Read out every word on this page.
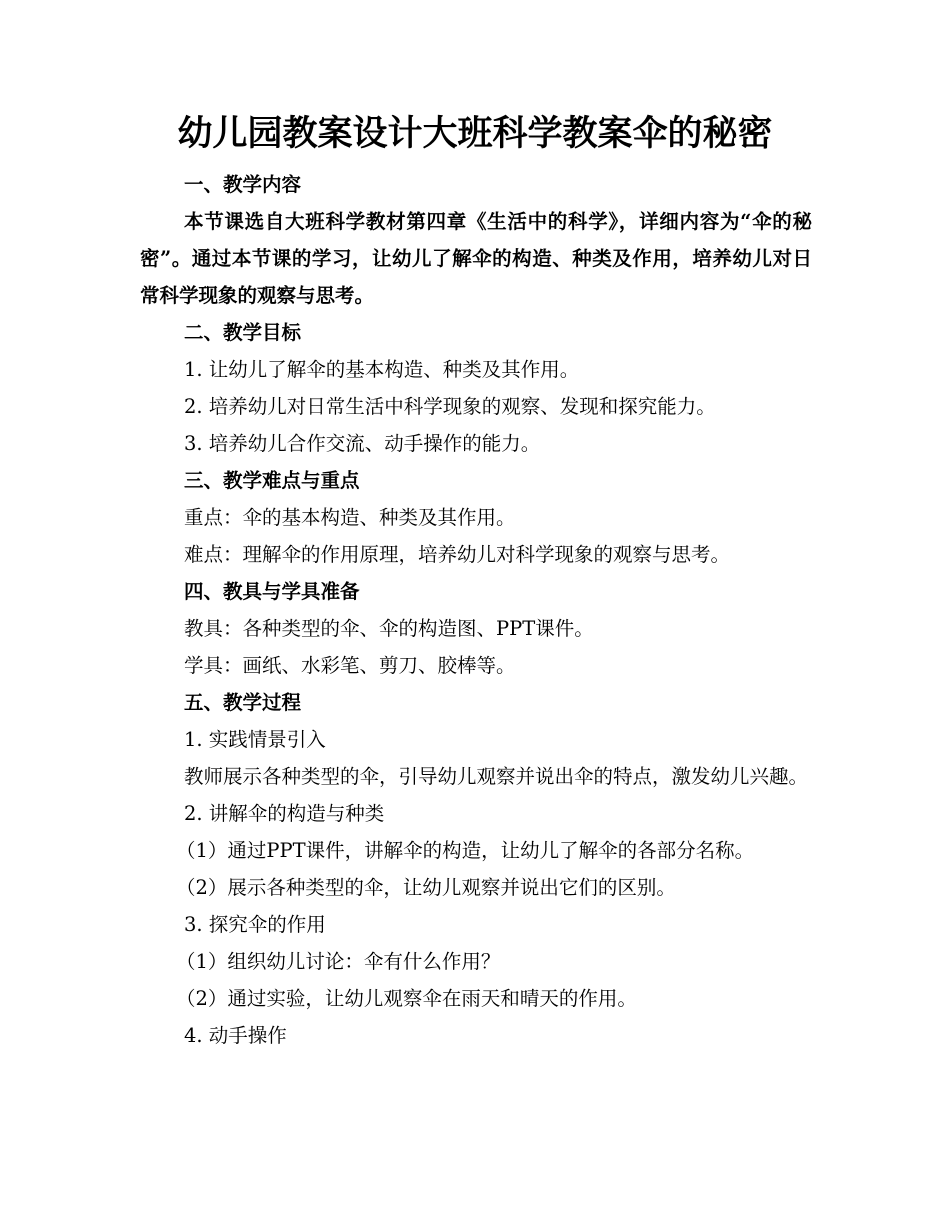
幼儿园教案设计大班科学教案伞的秘密

一、教学内容

本节课选自大班科学教材第四章《生活中的科学》，详细内容为“伞的秘密”。通过本节课的学习，让幼儿了解伞的构造、种类及作用，培养幼儿对日常科学现象的观察与思考。

二、教学目标

1. 让幼儿了解伞的基本构造、种类及其作用。

2. 培养幼儿对日常生活中科学现象的观察、发现和探究能力。

3. 培养幼儿合作交流、动手操作的能力。

三、教学难点与重点

重点：伞的基本构造、种类及其作用。

难点：理解伞的作用原理，培养幼儿对科学现象的观察与思考。

四、教具与学具准备

教具：各种类型的伞、伞的构造图、PPT课件。

学具：画纸、水彩笔、剪刀、胶棒等。

五、教学过程

1. 实践情景引入

教师展示各种类型的伞，引导幼儿观察并说出伞的特点，激发幼儿兴趣。

2. 讲解伞的构造与种类

（1）通过PPT课件，讲解伞的构造，让幼儿了解伞的各部分名称。

（2）展示各种类型的伞，让幼儿观察并说出它们的区别。

3. 探究伞的作用

（1）组织幼儿讨论：伞有什么作用？

（2）通过实验，让幼儿观察伞在雨天和晴天的作用。

4. 动手操作
